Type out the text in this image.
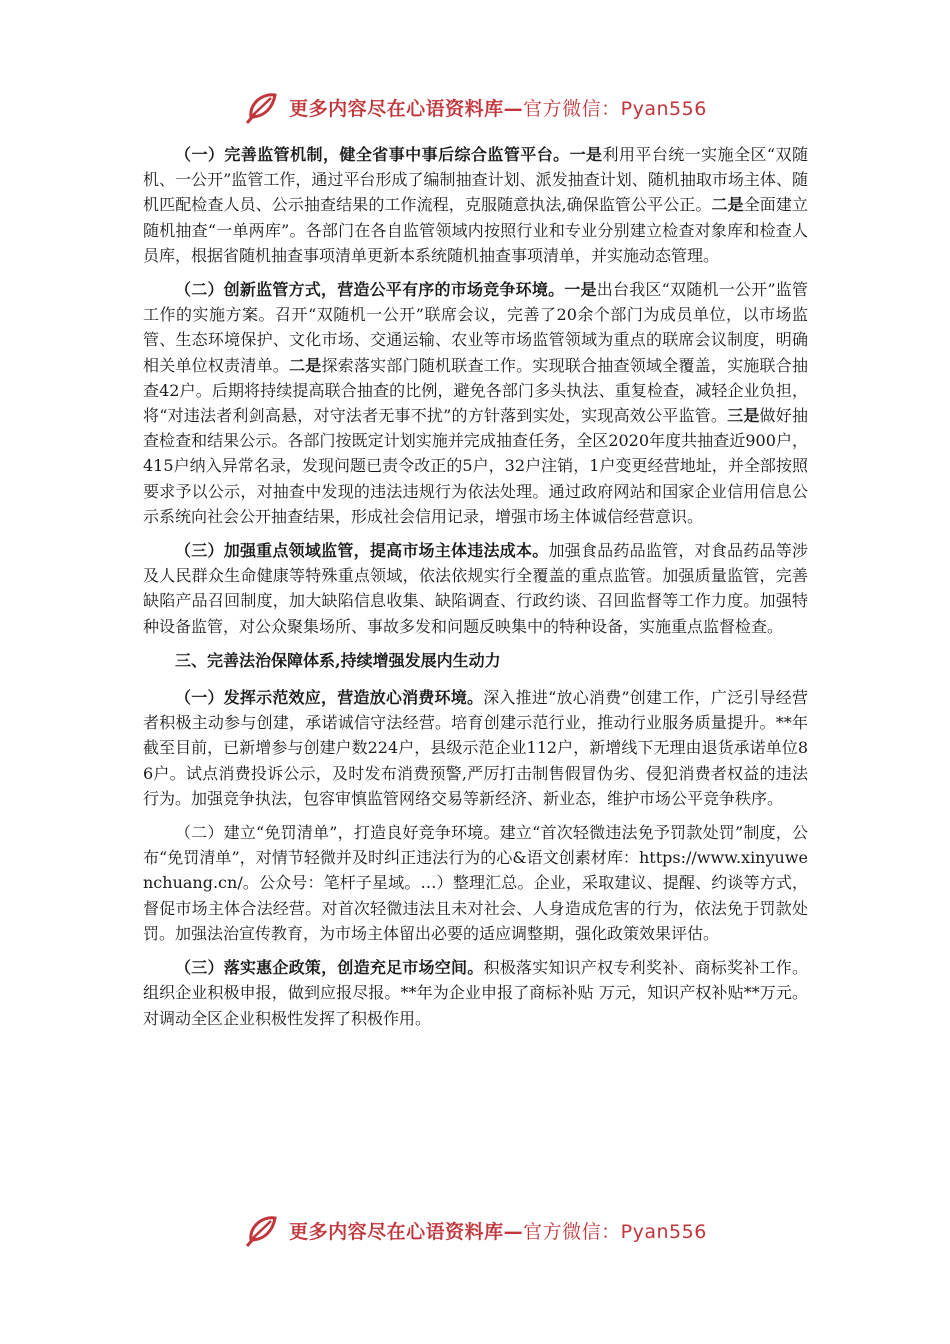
更多内容尽在心语资料库—官方微信：Pyan556

（一）完善监管机制，健全省事中事后综合监管平台。一是利用平台统一实施全区“双随机、一公开”监管工作，通过平台形成了编制抽查计划、派发抽查计划、随机抽取市场主体、随机匹配检查人员、公示抽查结果的工作流程，克服随意执法,确保监管公平公正。二是全面建立随机抽查“一单两库”。各部门在各自监管领域内按照行业和专业分别建立检查对象库和检查人员库，根据省随机抽查事项清单更新本系统随机抽查事项清单，并实施动态管理。

（二）创新监管方式，营造公平有序的市场竞争环境。一是出台我区“双随机一公开”监管工作的实施方案。召开“双随机一公开”联席会议，完善了20余个部门为成员单位，以市场监管、生态环境保护、文化市场、交通运输、农业等市场监管领域为重点的联席会议制度，明确相关单位权责清单。二是探索落实部门随机联查工作。实现联合抽查领域全覆盖，实施联合抽查42户。后期将持续提高联合抽查的比例，避免各部门多头执法、重复检查，减轻企业负担，将“对违法者利剑高悬，对守法者无事不扰”的方针落到实处，实现高效公平监管。三是做好抽查检查和结果公示。各部门按既定计划实施并完成抽查任务，全区2020年度共抽查近900户，415户纳入异常名录，发现问题已责令改正的5户，32户注销，1户变更经营地址，并全部按照要求予以公示，对抽查中发现的违法违规行为依法处理。通过政府网站和国家企业信用信息公示系统向社会公开抽查结果，形成社会信用记录，增强市场主体诚信经营意识。

（三）加强重点领域监管，提高市场主体违法成本。加强食品药品监管，对食品药品等涉及人民群众生命健康等特殊重点领域，依法依规实行全覆盖的重点监管。加强质量监管，完善缺陷产品召回制度，加大缺陷信息收集、缺陷调查、行政约谈、召回监督等工作力度。加强特种设备监管，对公众聚集场所、事故多发和问题反映集中的特种设备，实施重点监督检查。

三、完善法治保障体系,持续增强发展内生动力

（一）发挥示范效应，营造放心消费环境。深入推进“放心消费”创建工作，广泛引导经营者积极主动参与创建，承诺诚信守法经营。培育创建示范行业，推动行业服务质量提升。**年截至目前，已新增参与创建户数224户，县级示范企业112户，新增线下无理由退货承诺单位86户。试点消费投诉公示，及时发布消费预警,严厉打击制售假冒伪劣、侵犯消费者权益的违法行为。加强竞争执法，包容审慎监管网络交易等新经济、新业态，维护市场公平竞争秩序。

（二）建立“免罚清单”，打造良好竞争环境。建立“首次轻微违法免予罚款处罚”制度，公布“免罚清单”，对情节轻微并及时纠正违法行为的心&语文创素材库：https://www.xinyuwenchuang.cn/。公众号：笔杆子星域。…）整理汇总。企业，采取建议、提醒、约谈等方式，督促市场主体合法经营。对首次轻微违法且未对社会、人身造成危害的行为，依法免于罚款处罚。加强法治宣传教育，为市场主体留出必要的适应调整期，强化政策效果评估。

（三）落实惠企政策，创造充足市场空间。积极落实知识产权专利奖补、商标奖补工作。组织企业积极申报，做到应报尽报。**年为企业申报了商标补贴 万元，知识产权补贴**万元。对调动全区企业积极性发挥了积极作用。

更多内容尽在心语资料库—官方微信：Pyan556
